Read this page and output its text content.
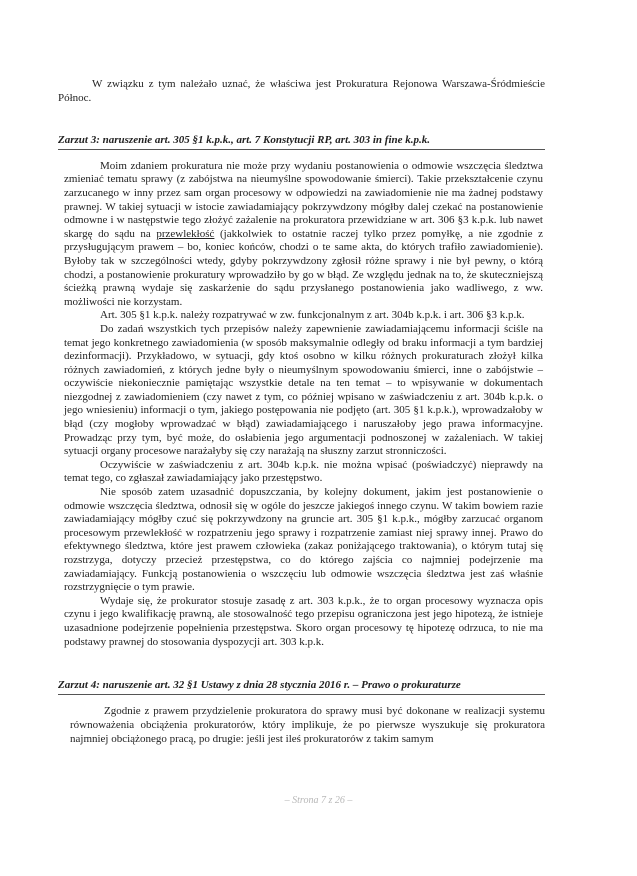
W związku z tym należało uznać, że właściwa jest Prokuratura Rejonowa Warszawa-Śródmieście Północ.

Zarzut 3: naruszenie art. 305 §1 k.p.k., art. 7 Konstytucji RP, art. 303 in fine k.p.k.

Moim zdaniem prokuratura nie może przy wydaniu postanowienia o odmowie wszczęcia śledztwa zmieniać tematu sprawy (z zabójstwa na nieumyślne spowodowanie śmierci). Takie przekształcenie czynu zarzucanego w inny przez sam organ procesowy w odpowiedzi na zawiadomienie nie ma żadnej podstawy prawnej. W takiej sytuacji w istocie zawiadamiający pokrzywdzony mógłby dalej czekać na postanowienie odmowne i w następstwie tego złożyć zażalenie na prokuratora przewidziane w art. 306 §3 k.p.k. lub nawet skargę do sądu na przewlekłość (jakkolwiek to ostatnie raczej tylko przez pomyłkę, a nie zgodnie z przysługującym prawem – bo, koniec końców, chodzi o te same akta, do których trafiło zawiadomienie). Byłoby tak w szczególności wtedy, gdyby pokrzywdzony zgłosił różne sprawy i nie był pewny, o którą chodzi, a postanowienie prokuratury wprowadziło by go w błąd. Ze względu jednak na to, że skuteczniejszą ścieżką prawną wydaje się zaskarżenie do sądu przysłanego postanowienia jako wadliwego, z ww. możliwości nie korzystam.

Art. 305 §1 k.p.k. należy rozpatrywać w zw. funkcjonalnym z art. 304b k.p.k. i art. 306 §3 k.p.k.

Do zadań wszystkich tych przepisów należy zapewnienie zawiadamiającemu informacji ściśle na temat jego konkretnego zawiadomienia (w sposób maksymalnie odległy od braku informacji a tym bardziej dezinformacji). Przykładowo, w sytuacji, gdy ktoś osobno w kilku różnych prokuraturach złożył kilka różnych zawiadomień, z których jedne były o nieumyślnym spowodowaniu śmierci, inne o zabójstwie – oczywiście niekoniecznie pamiętając wszystkie detale na ten temat – to wpisywanie w dokumentach niezgodnej z zawiadomieniem (czy nawet z tym, co później wpisano w zaświadczeniu z art. 304b k.p.k. o jego wniesieniu) informacji o tym, jakiego postępowania nie podjęto (art. 305 §1 k.p.k.), wprowadzałoby w błąd (czy mogłoby wprowadzać w błąd) zawiadamiającego i naruszałoby jego prawa informacyjne. Prowadząc przy tym, być może, do osłabienia jego argumentacji podnoszonej w zażaleniach. W takiej sytuacji organy procesowe narażałyby się czy narażają na słuszny zarzut stronniczości.

Oczywiście w zaświadczeniu z art. 304b k.p.k. nie można wpisać (poświadczyć) nieprawdy na temat tego, co zgłaszał zawiadamiający jako przestępstwo.

Nie sposób zatem uzasadnić dopuszczania, by kolejny dokument, jakim jest postanowienie o odmowie wszczęcia śledztwa, odnosił się w ogóle do jeszcze jakiegoś innego czynu. W takim bowiem razie zawiadamiający mógłby czuć się pokrzywdzony na gruncie art. 305 §1 k.p.k., mógłby zarzucać organom procesowym przewlekłość w rozpatrzeniu jego sprawy i rozpatrzenie zamiast niej sprawy innej. Prawo do efektywnego śledztwa, które jest prawem człowieka (zakaz poniżającego traktowania), o którym tutaj się rozstrzyga, dotyczy przecież przestępstwa, co do którego zajścia co najmniej podejrzenie ma zawiadamiający. Funkcją postanowienia o wszczęciu lub odmowie wszczęcia śledztwa jest zaś właśnie rozstrzygnięcie o tym prawie.

Wydaje się, że prokurator stosuje zasadę z art. 303 k.p.k., że to organ procesowy wyznacza opis czynu i jego kwalifikację prawną, ale stosowalność tego przepisu ograniczona jest jego hipotezą, że istnieje uzasadnione podejrzenie popełnienia przestępstwa. Skoro organ procesowy tę hipotezę odrzuca, to nie ma podstawy prawnej do stosowania dyspozycji art. 303 k.p.k.

Zarzut 4: naruszenie art. 32 §1 Ustawy z dnia 28 stycznia 2016 r. – Prawo o prokuraturze

Zgodnie z prawem przydzielenie prokuratora do sprawy musi być dokonane w realizacji systemu równoważenia obciążenia prokuratorów, który implikuje, że po pierwsze wyszukuje się prokuratora najmniej obciążonego pracą, po drugie: jeśli jest ileś prokuratorów z takim samym

– Strona 7 z 26 –
